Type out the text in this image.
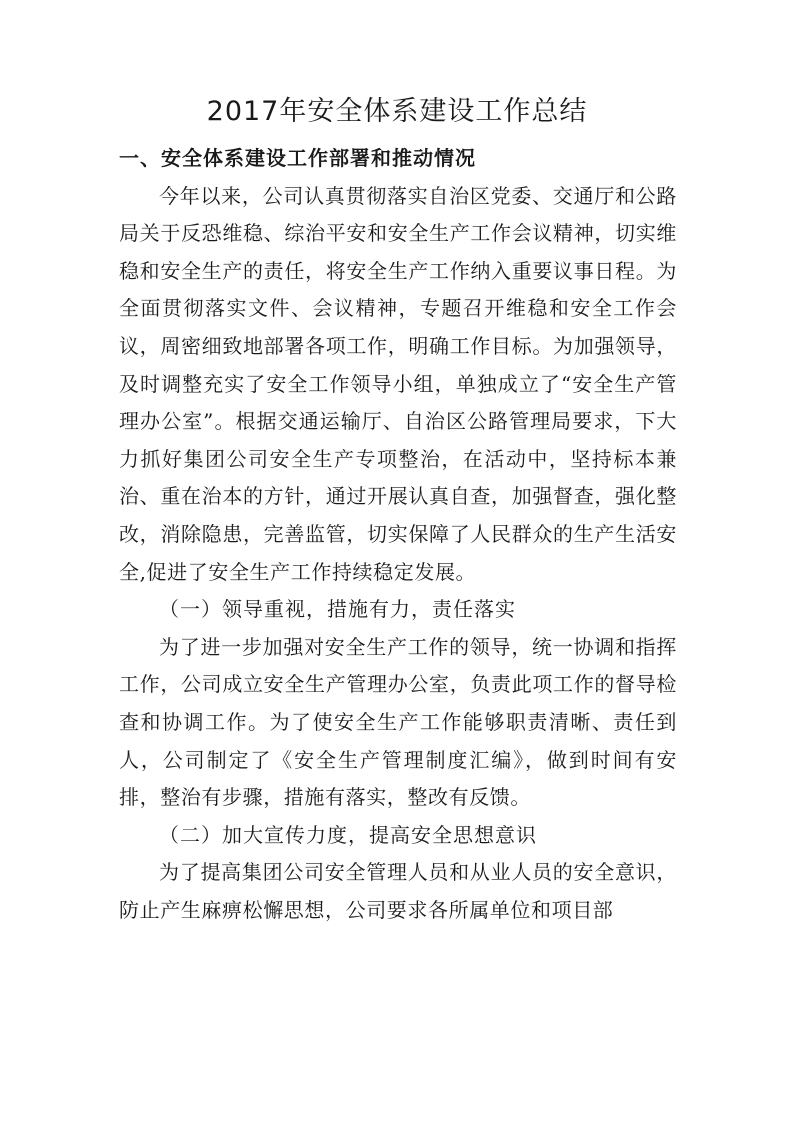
2017年安全体系建设工作总结

一、安全体系建设工作部署和推动情况

今年以来，公司认真贯彻落实自治区党委、交通厅和公路局关于反恐维稳、综治平安和安全生产工作会议精神，切实维稳和安全生产的责任，将安全生产工作纳入重要议事日程。为全面贯彻落实文件、会议精神，专题召开维稳和安全工作会议，周密细致地部署各项工作，明确工作目标。为加强领导，及时调整充实了安全工作领导小组，单独成立了“安全生产管理办公室”。根据交通运输厅、自治区公路管理局要求，下大力抓好集团公司安全生产专项整治，在活动中，坚持标本兼治、重在治本的方针，通过开展认真自查，加强督查，强化整改，消除隐患，完善监管，切实保障了人民群众的生产生活安全,促进了安全生产工作持续稳定发展。

（一）领导重视，措施有力，责任落实

为了进一步加强对安全生产工作的领导，统一协调和指挥工作，公司成立安全生产管理办公室，负责此项工作的督导检查和协调工作。为了使安全生产工作能够职责清晰、责任到人，公司制定了《安全生产管理制度汇编》，做到时间有安排，整治有步骤，措施有落实，整改有反馈。

（二）加大宣传力度，提高安全思想意识

为了提高集团公司安全管理人员和从业人员的安全意识，防止产生麻痹松懈思想，公司要求各所属单位和项目部
